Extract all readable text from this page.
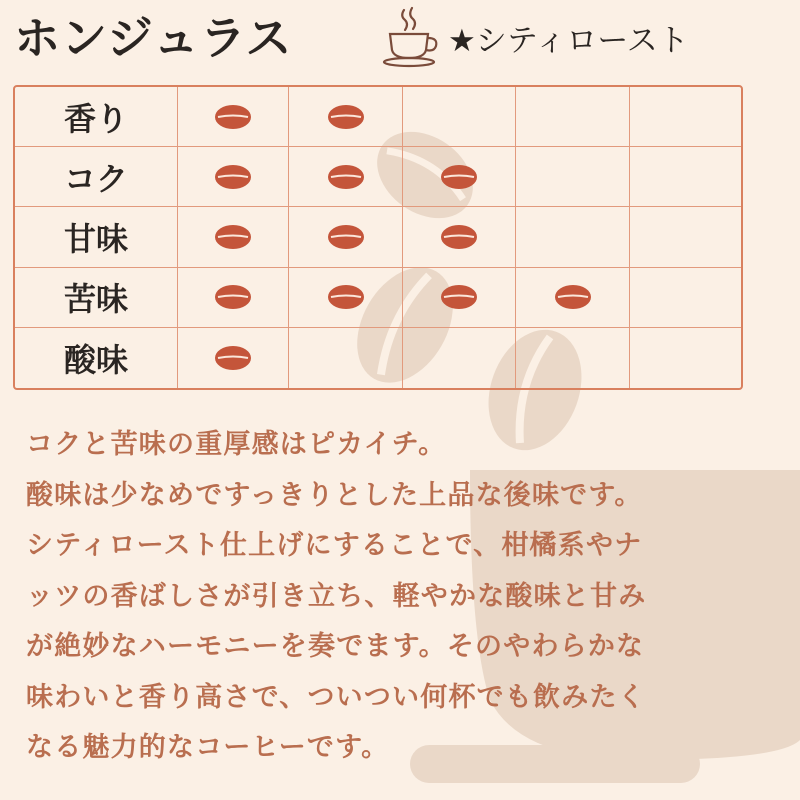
ホンジュラス	★シティロースト
香り
コク
甘味
苦味
酸味

コクと苦味の重厚感はピカイチ。

酸味は少なめですっきりとした上品な後味です。

シティロースト仕上げにすることで、柑橘系やナ

ッツの香ばしさが引き立ち、軽やかな酸味と甘み

が絶妙なハーモニーを奏でます。そのやわらかな

味わいと香り高さで、ついつい何杯でも飲みたく

なる魅力的なコーヒーです。
